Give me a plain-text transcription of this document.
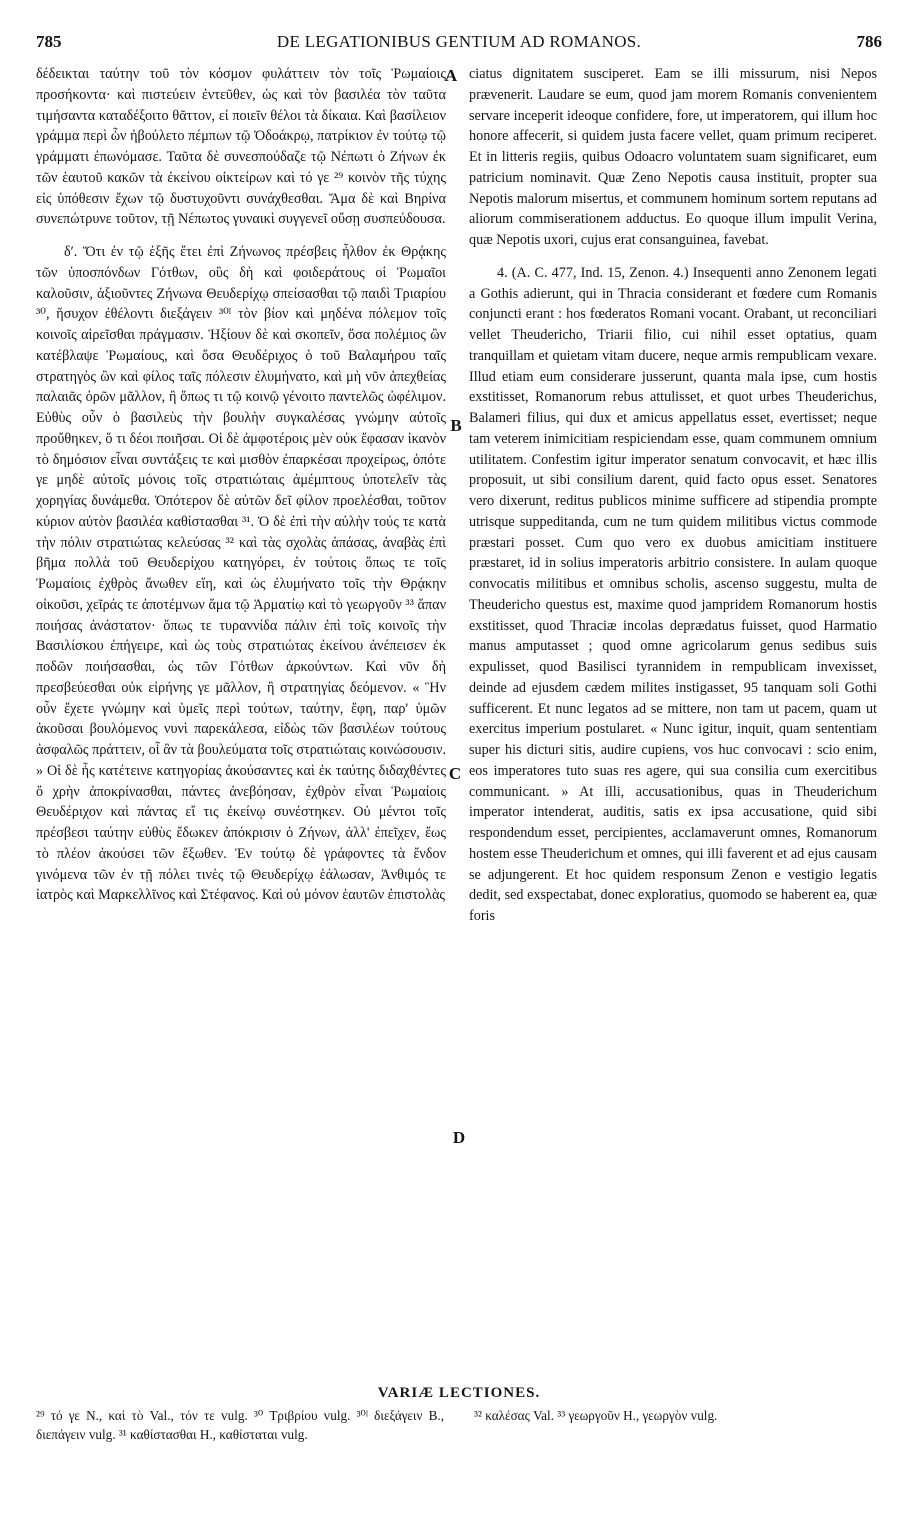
785	DE LEGATIONIBUS GENTIUM AD ROMANOS.	786

δέδεικται ταύτην τοῦ τὸν κόσμον φυλάττειν τὸν τοῖς Ῥωμαίοις προσήκοντα· καὶ πιστεύειν ἐντεῦθεν, ὡς καὶ τὸν βασιλέα τὸν ταῦτα τιμήσαντα καταδέξοιτο θᾶττον, εἰ ποιεῖν θέλοι τὰ δίκαια. Καὶ βασίλειον γράμμα περὶ ὧν ἠβούλετο πέμπων τῷ Ὀδοάκρῳ, πατρίκιον ἐν τούτῳ τῷ γράμματι ἐπωνόμασε. Ταῦτα δὲ συνεσπούδαζε τῷ Νέπωτι ὁ Ζήνων ἐκ τῶν ἑαυτοῦ κακῶν τὰ ἐκείνου οἰκτείρων καὶ τό γε ²⁹ κοινὸν τῆς τύχης εἰς ὑπόθεσιν ἔχων τῷ δυστυχοῦντι συνάχθεσθαι. Ἅμα δὲ καὶ Βηρίνα συνεπώτρυνε τοῦτον, τῇ Νέπωτος γυναικὶ συγγενεῖ οὔσῃ συσπεύδουσα.

δʹ. Ὅτι ἐν τῷ ἑξῆς ἔτει ἐπὶ Ζήνωνος πρέσβεις ἦλθον ἐκ Θρᾴκης τῶν ὑποσπόνδων Γότθων, οὓς δὴ καὶ φοιδεράτους οἱ Ῥωμαῖοι καλοῦσιν, ἀξιοῦντες Ζήνωνα Θευδερίχῳ σπείσασθαι τῷ παιδὶ Τριαρίου ³⁰, ἥσυχον ἐθέλοντι διεξάγειν ³⁰ˡ τὸν βίον καὶ μηδένα πόλεμον τοῖς κοινοῖς αἱρεῖσθαι πράγμασιν. Ἠξίουν δὲ καὶ σκοπεῖν, ὅσα πολέμιος ὢν κατέβλαψε Ῥωμαίους, καὶ ὅσα Θευδέριχος ὁ τοῦ Βαλαμήρου ταῖς στρατηγὸς ὢν καὶ φίλος ταῖς πόλεσιν ἐλυμήνατο, καὶ μὴ νῦν ἀπεχθείας παλαιᾶς ὀρῶν μᾶλλον, ἢ ὅπως τι τῷ κοινῷ γένοιτο παντελῶς ὠφέλιμον. Εὐθὺς οὖν ὁ βασιλεὺς τὴν βουλὴν συγκαλέσας γνώμην αὐτοῖς προὔθηκεν, ὅ τι δέοι ποιῆσαι. Οἱ δὲ ἀμφοτέροις μὲν οὐκ ἔφασαν ἱκανὸν τὸ δημόσιον εἶναι συντάξεις τε καὶ μισθὸν ἐπαρκέσαι προχείρως, ὁπότε γε μηδὲ αὐτοῖς μόνοις τοῖς στρατιώταις ἀμέμπτους ὑποτελεῖν τὰς χορηγίας δυνάμεθα. Ὁπότερον δὲ αὐτῶν δεῖ φίλον προελέσθαι, τοῦτον κύριον αὐτὸν βασιλέα καθίστασθαι ³¹. Ὁ δὲ ἐπὶ τὴν αὐλὴν τούς τε κατὰ τὴν πόλιν στρατιώτας κελεύσας ³² καὶ τὰς σχολὰς ἁπάσας, ἀναβὰς ἐπὶ βῆμα πολλὰ τοῦ Θευδερίχου κατηγόρει, ἐν τούτοις ὅπως τε τοῖς Ῥωμαίοις ἐχθρὸς ἄνωθεν εἴη, καὶ ὡς ἐλυμήνατο τοῖς τὴν Θρᾴκην οἰκοῦσι, χεῖράς τε ἀποτέμνων ἅμα τῷ Ἁρματίῳ καὶ τὸ γεωργοῦν ³³ ἅπαν ποιήσας ἀνάστατον· ὅπως τε τυραννίδα πάλιν ἐπὶ τοῖς κοινοῖς τὴν Βασιλίσκου ἐπήγειρε, καὶ ὡς τοὺς στρατιώτας ἐκείνου ἀνέπεισεν ἐκ ποδῶν ποιήσασθαι, ὡς τῶν Γότθων ἀρκούντων. Καὶ νῦν δὴ πρεσβεύεσθαι οὐκ εἰρήνης γε μᾶλλον, ἢ στρατηγίας δεόμενον. « Ἣν οὖν ἔχετε γνώμην καὶ ὑμεῖς περὶ τούτων, ταύτην, ἔφη, παρ' ὑμῶν ἀκοῦσαι βουλόμενος νυνὶ παρεκάλεσα, εἰδὼς τῶν βασιλέων τούτους ἀσφαλῶς πράττειν, οἷ ἂν τὰ βουλεύματα τοῖς στρατιώταις κοινώσουσιν. » Οἱ δὲ ἧς κατέτεινε κατηγορίας ἀκούσαντες καὶ ἐκ ταύτης διδαχθέντες ὅ χρὴν ἀποκρίνασθαι, πάντες ἀνεβόησαν, ἐχθρὸν εἶναι Ῥωμαίοις Θευδέριχον καὶ πάντας εἴ τις ἐκείνῳ συνέστηκεν. Οὐ μέντοι τοῖς πρέσβεσι ταύτην εὐθὺς ἔδωκεν ἀπόκρισιν ὁ Ζήνων, ἀλλ' ἐπεῖχεν, ἕως τὸ πλέον ἀκούσει τῶν ἔξωθεν. Ἐν τούτῳ δὲ γράφοντες τὰ ἔνδον γινόμενα τῶν ἐν τῇ πόλει τινὲς τῷ Θευδερίχῳ ἑάλωσαν, Ἀνθιμός τε ἰατρὸς καὶ Μαρκελλῖνος καὶ Στέφανος. Καὶ οὐ μόνον ἑαυτῶν ἐπιστολὰς

A
B
C
D

ciatus dignitatem susciperet. Eam se illi missurum, nisi Nepos prævenerit. Laudare se eum, quod jam morem Romanis convenientem servare inceperit ideoque confidere, fore, ut imperatorem, qui illum hoc honore affecerit, si quidem justa facere vellet, quam primum reciperet. Et in litteris regiis, quibus Odoacro voluntatem suam significaret, eum patricium nominavit. Quæ Zeno Nepotis causa instituit, propter sua Nepotis malorum misertus, et communem hominum sortem reputans ad aliorum commiserationem adductus. Eo quoque illum impulit Verina, quæ Nepotis uxori, cujus erat consanguinea, favebat.

4. (A. C. 477, Ind. 15, Zenon. 4.) Insequenti anno Zenonem legati a Gothis adierunt, qui in Thracia considerant et fœdere cum Romanis conjuncti erant : hos fœderatos Romani vocant. Orabant, ut reconciliari vellet Theudericho, Triarii filio, cui nihil esset optatius, quam tranquillam et quietam vitam ducere, neque armis rempublicam vexare. Illud etiam eum considerare jusserunt, quanta mala ipse, cum hostis exstitisset, Romanorum rebus attulisset, et quot urbes Theuderichus, Balameri filius, qui dux et amicus appellatus esset, evertisset; neque tam veterem inimicitiam respiciendam esse, quam communem omnium utilitatem. Confestim igitur imperator senatum convocavit, et hæc illis proposuit, ut sibi consilium darent, quid facto opus esset. Senatores vero dixerunt, reditus publicos minime sufficere ad stipendia prompte utrisque suppeditanda, cum ne tum quidem militibus victus commode præstari posset. Cum quo vero ex duobus amicitiam instituere præstaret, id in solius imperatoris arbitrio consistere. In aulam quoque convocatis militibus et omnibus scholis, ascenso suggestu, multa de Theudericho questus est, maxime quod jampridem Romanorum hostis exstitisset, quod Thraciæ incolas deprædatus fuisset, quod Harmatio manus amputasset ; quod omne agricolarum genus sedibus suis expulisset, quod Basilisci tyrannidem in rempublicam invexisset, deinde ad ejusdem cædem milites instigasset, 95 tanquam soli Gothi sufficerent. Et nunc legatos ad se mittere, non tam ut pacem, quam ut exercitus imperium postularet. « Nunc igitur, inquit, quam sententiam super his dicturi sitis, audire cupiens, vos huc convocavi : scio enim, eos imperatores tuto suas res agere, qui sua consilia cum exercitibus communicant. » At illi, accusationibus, quas in Theuderichum imperator intenderat, auditis, satis ex ipsa accusatione, quid sibi respondendum esset, percipientes, acclamaverunt omnes, Romanorum hostem esse Theuderichum et omnes, qui illi faverent et ad ejus causam se adjungerent. Et hoc quidem responsum Zenon e vestigio legatis dedit, sed exspectabat, donec exploratius, quomodo se haberent ea, quæ foris

VARIÆ LECTIONES.
²⁹ τό γε Ν., καὶ τὸ Val., τόν τε vulg. ³⁰ Τριβρίου vulg. ³⁰ˡ διεξάγειν Β., διεπάγειν vulg. ³¹ καθίστασθαι Η., καθίσταται vulg.
³² καλέσας Val. ³³ γεωργοῦν Η., γεωργὸν vulg.
